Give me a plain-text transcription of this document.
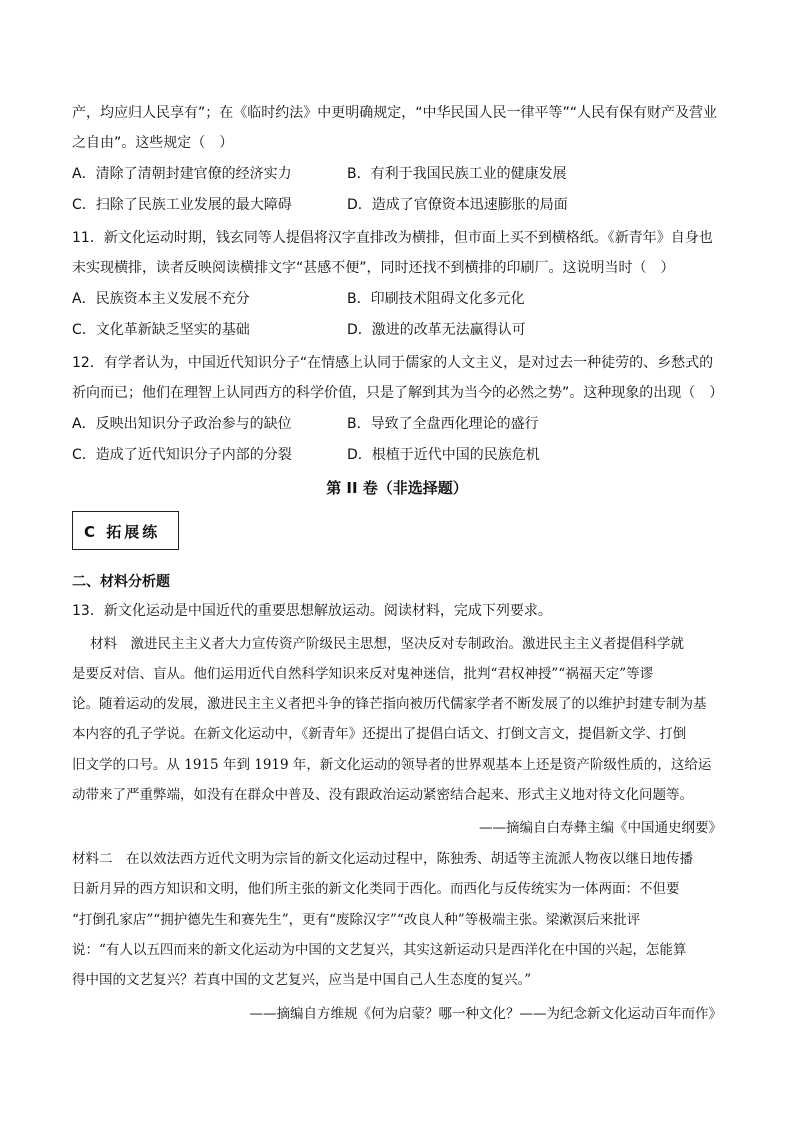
产，均应归人民享有”；在《临时约法》中更明确规定，“中华民国人民一律平等”“人民有保有财产及营业
之自由”。这些规定（　）
A．清除了清朝封建官僚的经济实力	B．有利于我国民族工业的健康发展
C．扫除了民族工业发展的最大障碍	D．造成了官僚资本迅速膨胀的局面
11．新文化运动时期，钱玄同等人提倡将汉字直排改为横排，但市面上买不到横格纸。《新青年》自身也
未实现横排，读者反映阅读横排文字“甚感不便”，同时还找不到横排的印刷厂。这说明当时（　）
A．民族资本主义发展不充分	B．印刷技术阻碍文化多元化
C．文化革新缺乏坚实的基础	D．激进的改革无法赢得认可
12．有学者认为，中国近代知识分子“在情感上认同于儒家的人文主义，是对过去一种徒劳的、乡愁式的
祈向而已；他们在理智上认同西方的科学价值，只是了解到其为当今的必然之势”。这种现象的出现（　）
A．反映出知识分子政治参与的缺位	B．导致了全盘西化理论的盛行
C．造成了近代知识分子内部的分裂	D．根植于近代中国的民族危机
第 II 卷（非选择题）
C 拓展练
二、材料分析题
13．新文化运动是中国近代的重要思想解放运动。阅读材料，完成下列要求。
材料　激进民主主义者大力宣传资产阶级民主思想，坚决反对专制政治。激进民主主义者提倡科学就
是要反对信、盲从。他们运用近代自然科学知识来反对鬼神迷信，批判“君权神授”“祸福天定”等谬
论。随着运动的发展，激进民主主义者把斗争的锋芒指向被历代儒家学者不断发展了的以维护封建专制为基
本内容的孔子学说。在新文化运动中，《新青年》还提出了提倡白话文、打倒文言文，提倡新文学、打倒
旧文学的口号。从 1915 年到 1919 年，新文化运动的领导者的世界观基本上还是资产阶级性质的，这给运
动带来了严重弊端，如没有在群众中普及、没有跟政治运动紧密结合起来、形式主义地对待文化问题等。
——摘编自白寿彝主编《中国通史纲要》
材料二　在以效法西方近代文明为宗旨的新文化运动过程中，陈独秀、胡适等主流派人物夜以继日地传播
日新月异的西方知识和文明，他们所主张的新文化类同于西化。而西化与反传统实为一体两面：不但要
“打倒孔家店”“拥护德先生和赛先生”，更有“废除汉字”“改良人种”等极端主张。梁漱溟后来批评
说：“有人以五四而来的新文化运动为中国的文艺复兴，其实这新运动只是西洋化在中国的兴起，怎能算
得中国的文艺复兴？若真中国的文艺复兴，应当是中国自己人生态度的复兴。”
——摘编自方维规《何为启蒙？哪一种文化？——为纪念新文化运动百年而作》
